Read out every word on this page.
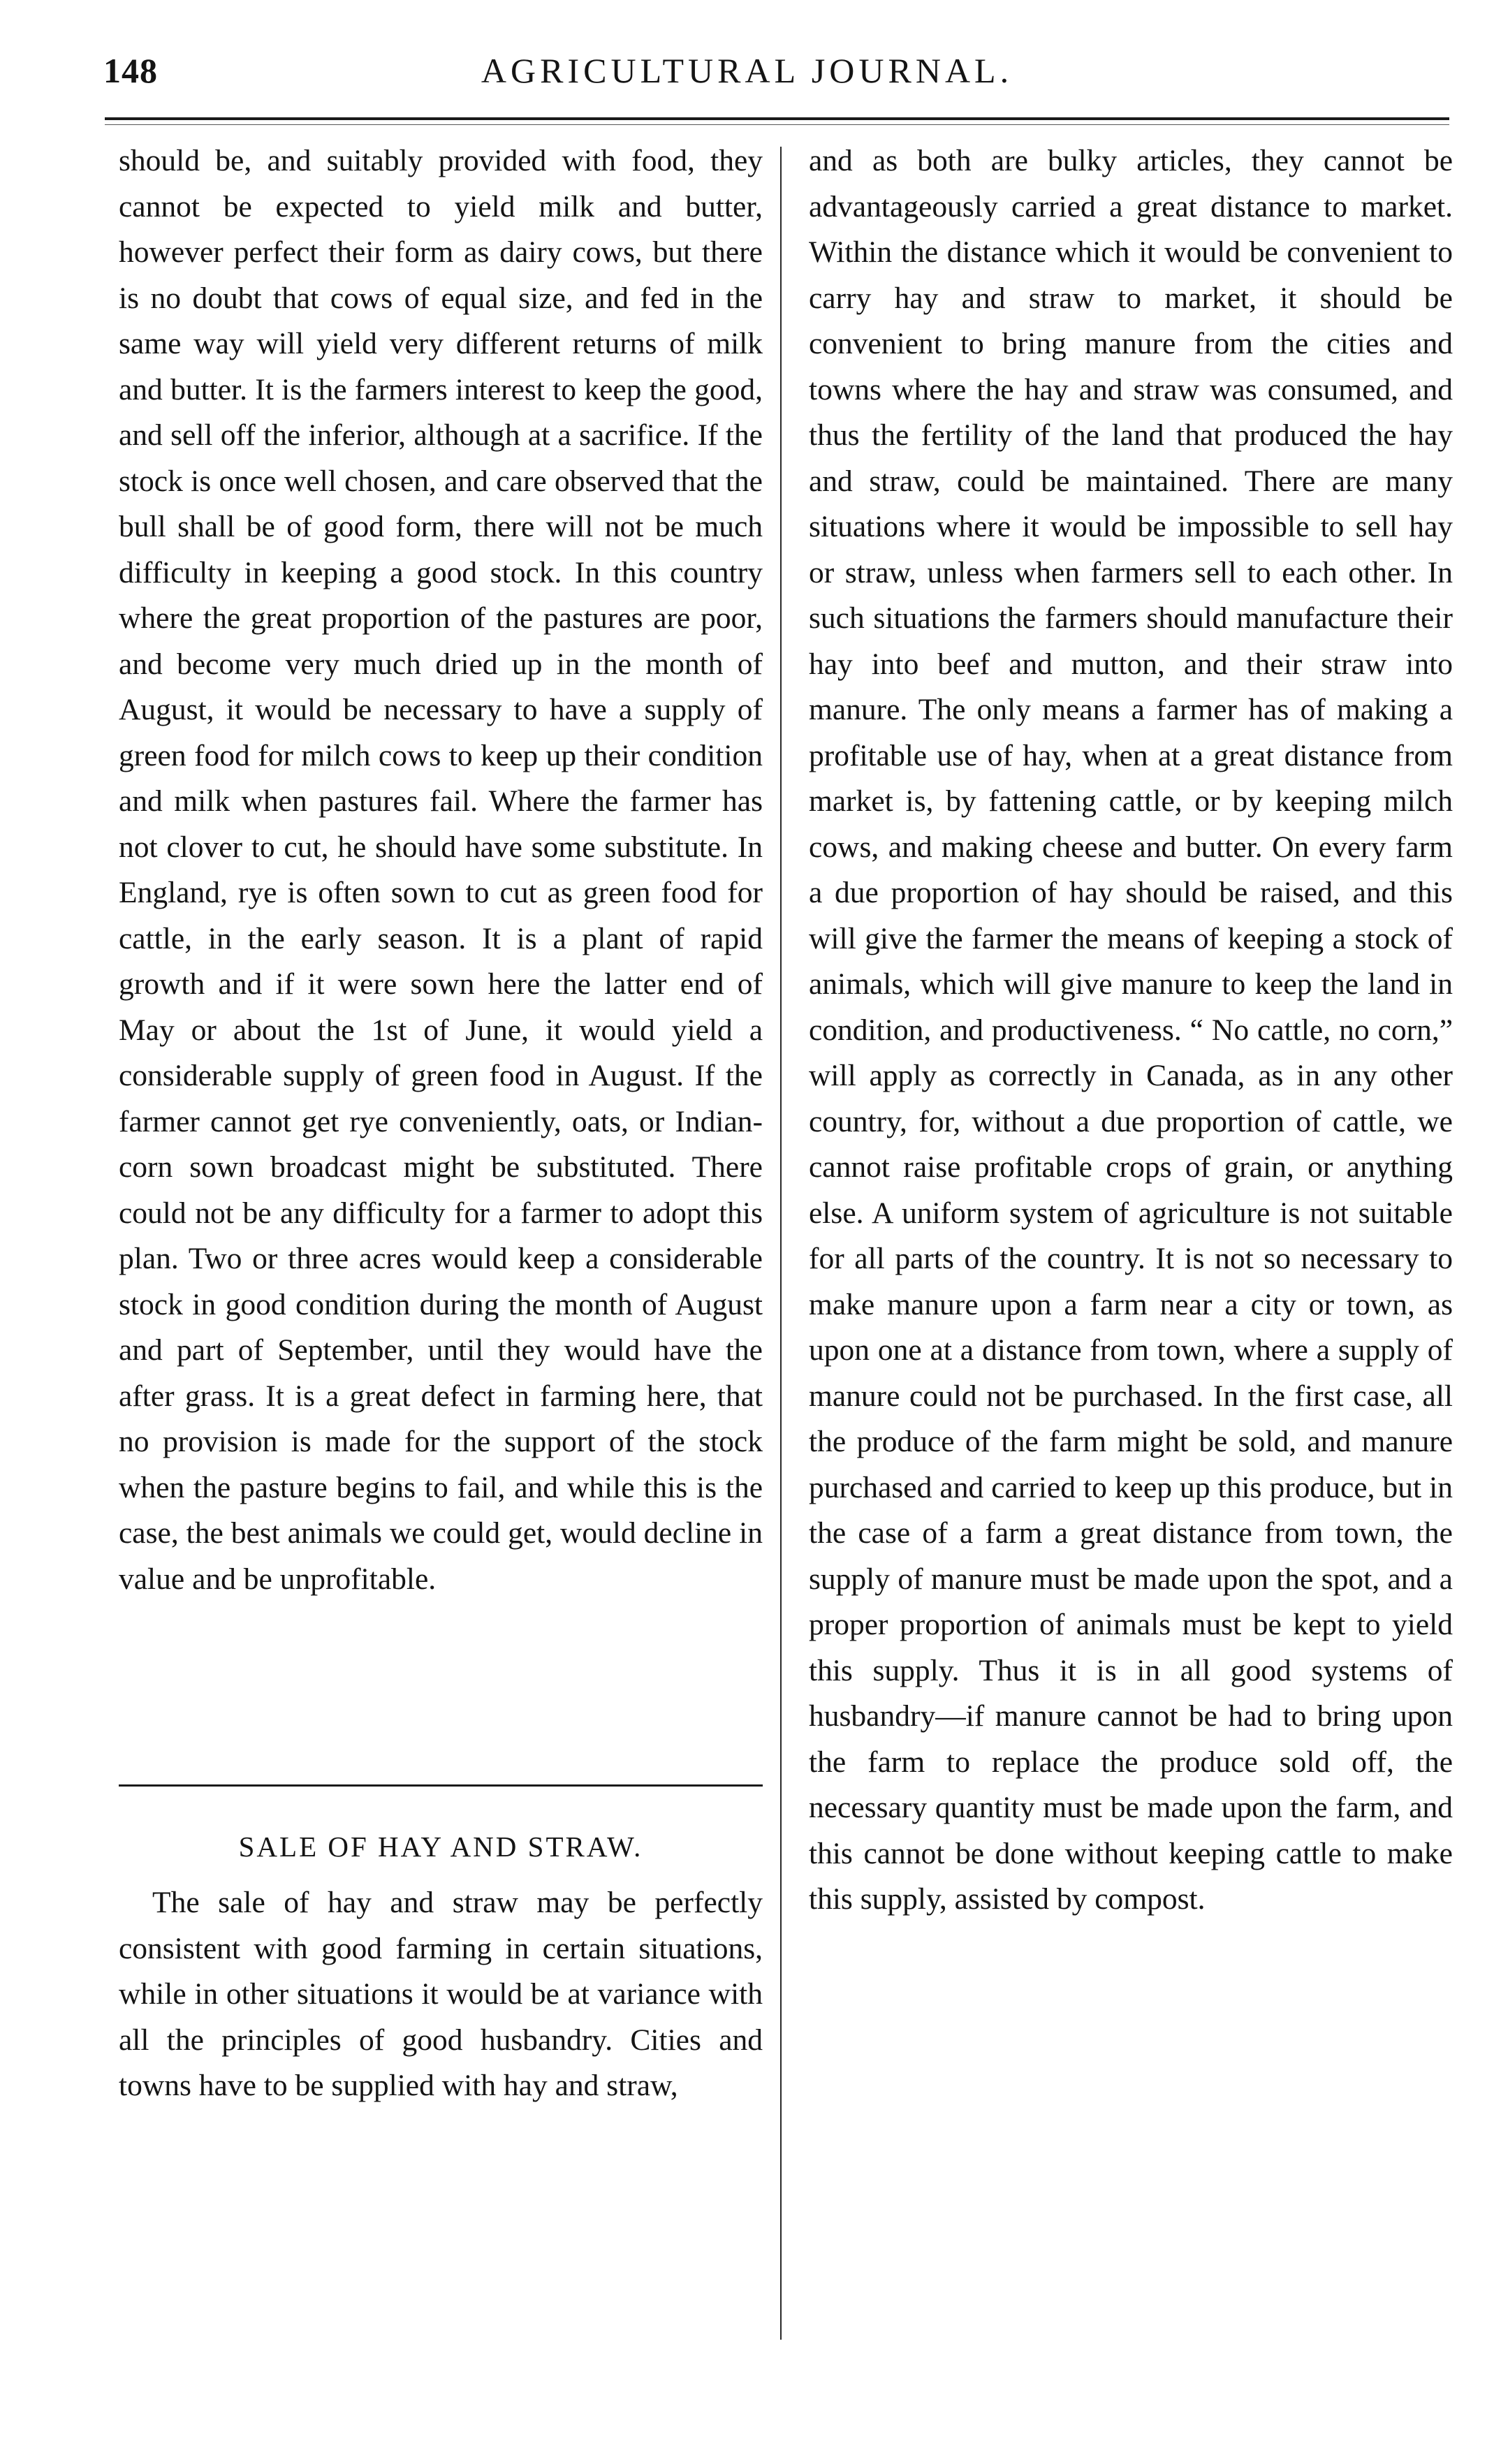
148	AGRICULTURAL JOURNAL.

should be, and suitably provided with food, they cannot be expected to yield milk and butter, however perfect their form as dairy cows, but there is no doubt that cows of equal size, and fed in the same way will yield very different returns of milk and butter. It is the farmers interest to keep the good, and sell off the inferior, although at a sacrifice. If the stock is once well chosen, and care observed that the bull shall be of good form, there will not be much difficulty in keeping a good stock. In this country where the great proportion of the pastures are poor, and become very much dried up in the month of August, it would be necessary to have a supply of green food for milch cows to keep up their condition and milk when pastures fail. Where the farmer has not clover to cut, he should have some substitute. In England, rye is often sown to cut as green food for cattle, in the early season. It is a plant of rapid growth and if it were sown here the latter end of May or about the 1st of June, it would yield a considerable supply of green food in August. If the farmer cannot get rye conveniently, oats, or Indian-corn sown broadcast might be substituted. There could not be any difficulty for a farmer to adopt this plan. Two or three acres would keep a considerable stock in good condition during the month of August and part of September, until they would have the after grass. It is a great defect in farming here, that no provision is made for the support of the stock when the pasture begins to fail, and while this is the case, the best animals we could get, would decline in value and be unprofitable.

SALE OF HAY AND STRAW.

The sale of hay and straw may be perfectly consistent with good farming in certain situations, while in other situations it would be at variance with all the principles of good husbandry. Cities and towns have to be supplied with hay and straw,

and as both are bulky articles, they cannot be advantageously carried a great distance to market. Within the distance which it would be convenient to carry hay and straw to market, it should be convenient to bring manure from the cities and towns where the hay and straw was consumed, and thus the fertility of the land that produced the hay and straw, could be maintained. There are many situations where it would be impossible to sell hay or straw, unless when farmers sell to each other. In such situations the farmers should manufacture their hay into beef and mutton, and their straw into manure. The only means a farmer has of making a profitable use of hay, when at a great distance from market is, by fattening cattle, or by keeping milch cows, and making cheese and butter. On every farm a due proportion of hay should be raised, and this will give the farmer the means of keeping a stock of animals, which will give manure to keep the land in condition, and productiveness. “ No cattle, no corn,” will apply as correctly in Canada, as in any other country, for, without a due proportion of cattle, we cannot raise profitable crops of grain, or anything else. A uniform system of agriculture is not suitable for all parts of the country. It is not so necessary to make manure upon a farm near a city or town, as upon one at a distance from town, where a supply of manure could not be purchased. In the first case, all the produce of the farm might be sold, and manure purchased and carried to keep up this produce, but in the case of a farm a great distance from town, the supply of manure must be made upon the spot, and a proper proportion of animals must be kept to yield this supply. Thus it is in all good systems of husbandry—if manure cannot be had to bring upon the farm to replace the produce sold off, the necessary quantity must be made upon the farm, and this cannot be done without keeping cattle to make this supply, assisted by compost.
